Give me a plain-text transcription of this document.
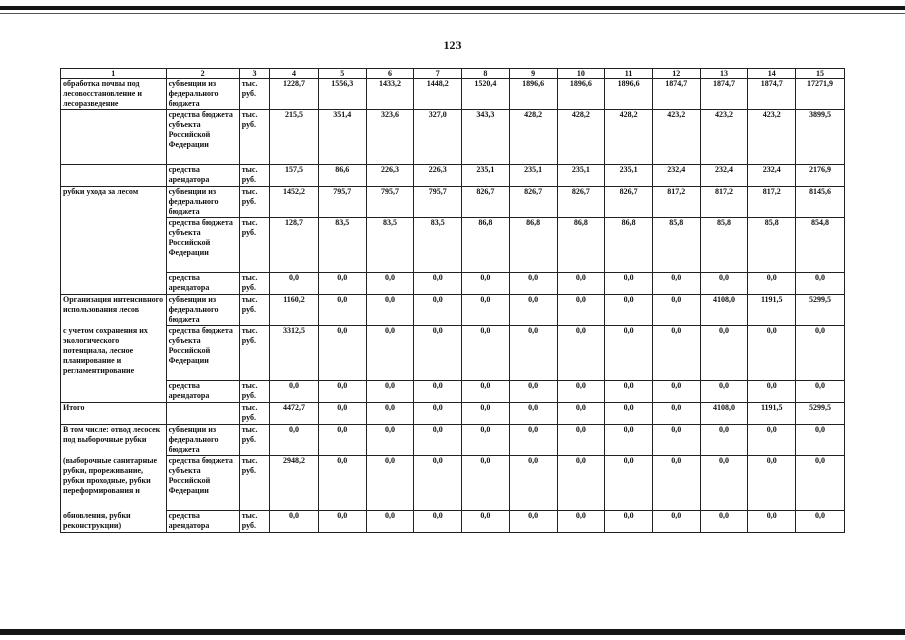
123
1	2	3	4	5	6	7	8	9	10	11	12	13	14	15
обработка почвы под лесовосстановление и лесоразведение	субвенции из федерального бюджета	тыс. руб.	1228,7	1556,3	1433,2	1448,2	1520,4	1896,6	1896,6	1896,6	1874,7	1874,7	1874,7	17271,9
	средства бюджета субъекта Российской Федерации	тыс. руб.	215,5	351,4	323,6	327,0	343,3	428,2	428,2	428,2	423,2	423,2	423,2	3899,5
	средства арендатора	тыс. руб.	157,5	86,6	226,3	226,3	235,1	235,1	235,1	235,1	232,4	232,4	232,4	2176,9
рубки ухода за лесом	субвенции из федерального бюджета	тыс. руб.	1452,2	795,7	795,7	795,7	826,7	826,7	826,7	826,7	817,2	817,2	817,2	8145,6
	средства бюджета субъекта Российской Федерации	тыс. руб.	128,7	83,5	83,5	83,5	86,8	86,8	86,8	86,8	85,8	85,8	85,8	854,8
	средства арендатора	тыс. руб.	0,0	0,0	0,0	0,0	0,0	0,0	0,0	0,0	0,0	0,0	0,0	0,0
Организация интенсивного использования лесов	субвенции из федерального бюджета	тыс. руб.	1160,2	0,0	0,0	0,0	0,0	0,0	0,0	0,0	0,0	4108,0	1191,5	5299,5
с учетом сохранения их экологического потенциала, лесное планирование и регламентирование	средства бюджета субъекта Российской Федерации	тыс. руб.	3312,5	0,0	0,0	0,0	0,0	0,0	0,0	0,0	0,0	0,0	0,0	0,0
	средства арендатора	тыс. руб.	0,0	0,0	0,0	0,0	0,0	0,0	0,0	0,0	0,0	0,0	0,0	0,0
Итого		тыс. руб.	4472,7	0,0	0,0	0,0	0,0	0,0	0,0	0,0	0,0	4108,0	1191,5	5299,5
В том числе: отвод лесосек под выборочные рубки	субвенции из федерального бюджета	тыс. руб.	0,0	0,0	0,0	0,0	0,0	0,0	0,0	0,0	0,0	0,0	0,0	0,0
(выборочные санитарные рубки, прореживание, рубки проходные, рубки переформирования и	средства бюджета субъекта Российской Федерации	тыс. руб.	2948,2	0,0	0,0	0,0	0,0	0,0	0,0	0,0	0,0	0,0	0,0	0,0
обновления, рубки реконструкции)	средства арендатора	тыс. руб.	0,0	0,0	0,0	0,0	0,0	0,0	0,0	0,0	0,0	0,0	0,0	0,0
